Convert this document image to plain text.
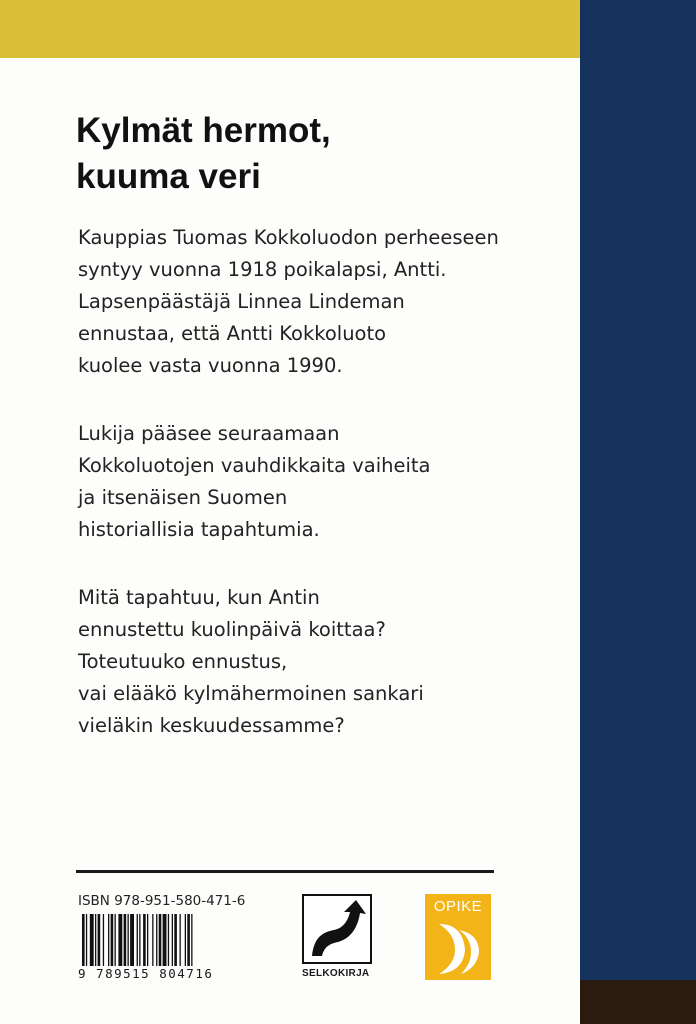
Kylmät hermot,
kuuma veri

Kauppias Tuomas Kokkoluodon perheeseen
syntyy vuonna 1918 poikalapsi, Antti.
Lapsenpäästäjä Linnea Lindeman
ennustaa, että Antti Kokkoluoto
kuolee vasta vuonna 1990.

Lukija pääsee seuraamaan
Kokkoluotojen vauhdikkaita vaiheita
ja itsenäisen Suomen
historiallisia tapahtumia.

Mitä tapahtuu, kun Antin
ennustettu kuolinpäivä koittaa?
Toteutuuko ennustus,
vai elääkö kylmähermoinen sankari
vieläkin keskuudessamme?

ISBN 978-951-580-471-6
9 789515 804716	SELKOKIRJA
OPIKE
